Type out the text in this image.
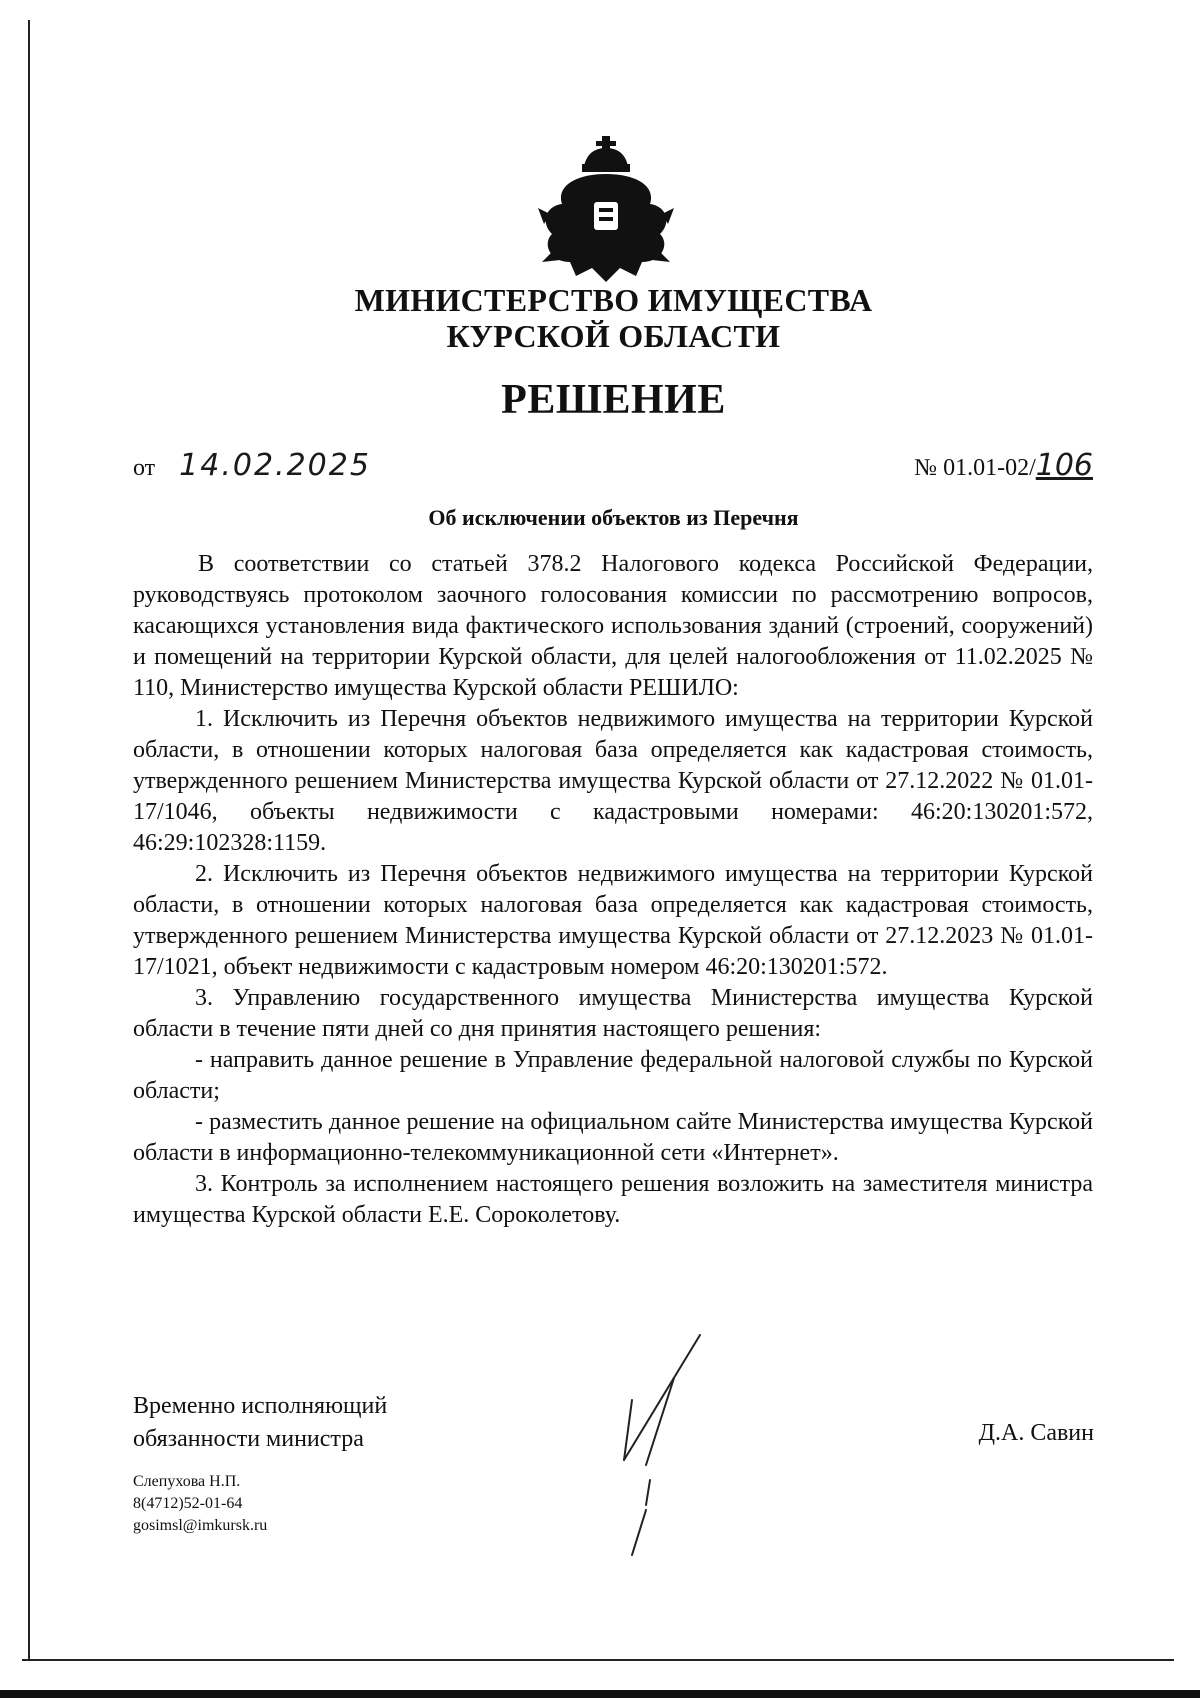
МИНИСТЕРСТВО ИМУЩЕСТВА
КУРСКОЙ ОБЛАСТИ
РЕШЕНИЕ
от 14.02.2025	№ 01.01-02/106
Об исключении объектов из Перечня

В соответствии со статьей 378.2 Налогового кодекса Российской Федерации, руководствуясь протоколом заочного голосования комиссии по рассмотрению вопросов, касающихся установления вида фактического использования зданий (строений, сооружений) и помещений на территории Курской области, для целей налогообложения от 11.02.2025 № 110, Министерство имущества Курской области РЕШИЛО:

1. Исключить из Перечня объектов недвижимого имущества на территории Курской области, в отношении которых налоговая база определяется как кадастровая стоимость, утвержденного решением Министерства имущества Курской области от 27.12.2022 № 01.01-17/1046, объекты недвижимости с кадастровыми номерами: 46:20:130201:572, 46:29:102328:1159.

2. Исключить из Перечня объектов недвижимого имущества на территории Курской области, в отношении которых налоговая база определяется как кадастровая стоимость, утвержденного решением Министерства имущества Курской области от 27.12.2023 № 01.01-17/1021, объект недвижимости с кадастровым номером 46:20:130201:572.

3. Управлению государственного имущества Министерства имущества Курской области в течение пяти дней со дня принятия настоящего решения:

- направить данное решение в Управление федеральной налоговой службы по Курской области;

- разместить данное решение на официальном сайте Министерства имущества Курской области в информационно-телекоммуникационной сети «Интернет».

3. Контроль за исполнением настоящего решения возложить на заместителя министра имущества Курской области Е.Е. Сороколетову.

Временно исполняющий
обязанности министра	Д.А. Савин
Слепухова Н.П.
8(4712)52-01-64
gosimsl@imkursk.ru
